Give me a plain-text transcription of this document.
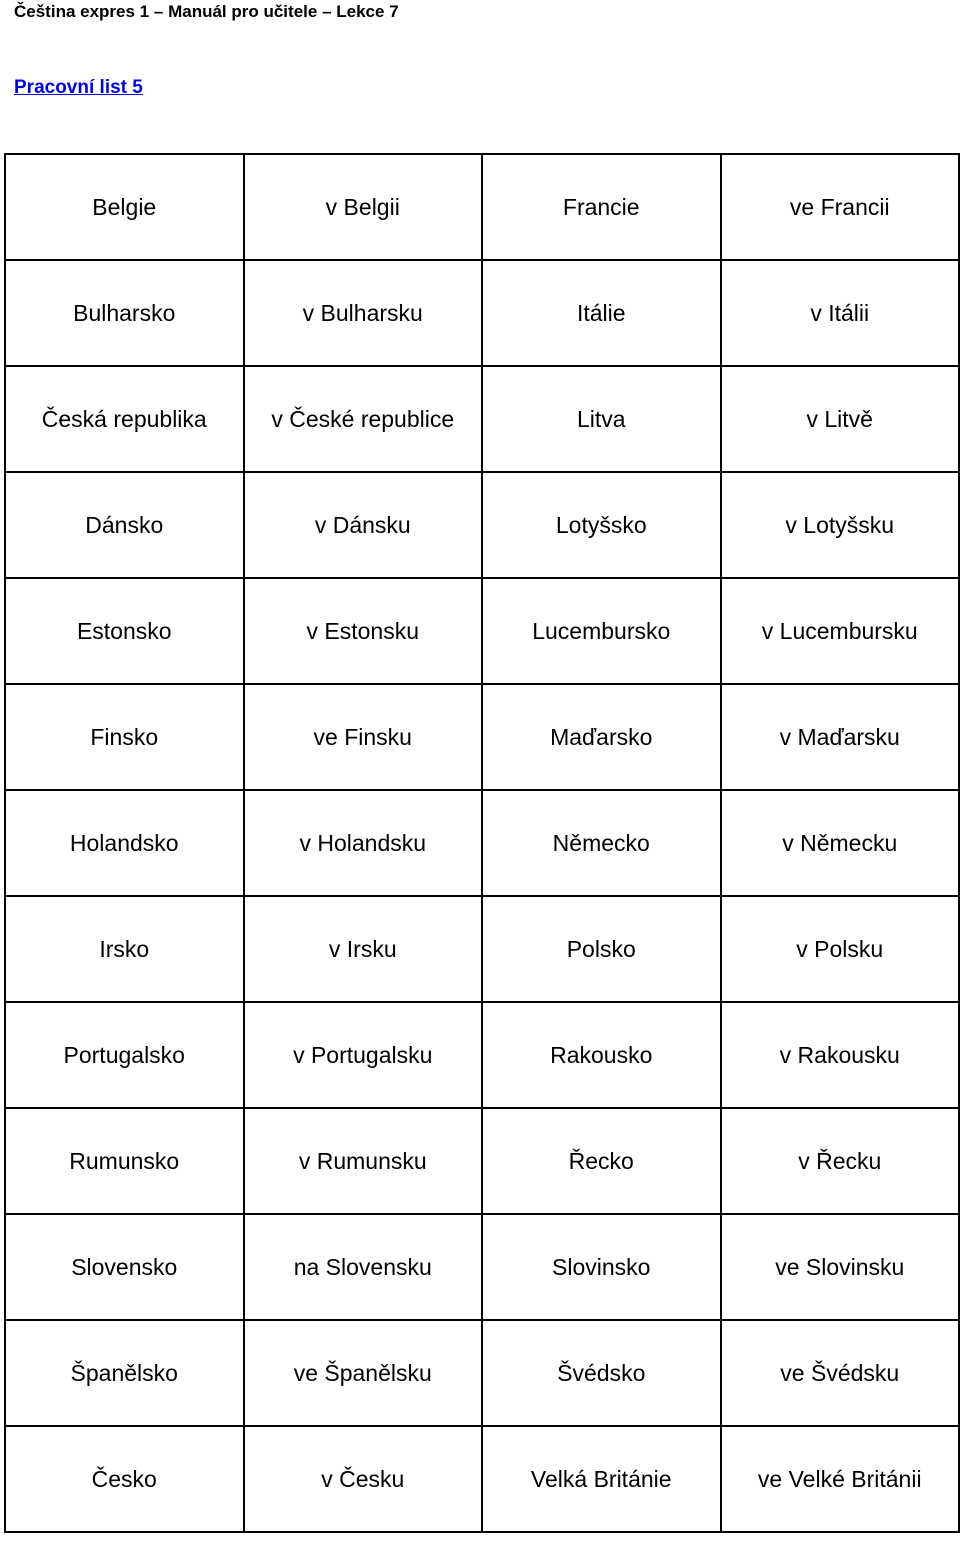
Čeština expres 1 – Manuál pro učitele – Lekce 7
Pracovní list 5
Belgie	v Belgii	Francie	ve Francii
Bulharsko	v Bulharsku	Itálie	v Itálii
Česká republika	v České republice	Litva	v Litvě
Dánsko	v Dánsku	Lotyšsko	v Lotyšsku
Estonsko	v Estonsku	Lucembursko	v Lucembursku
Finsko	ve Finsku	Maďarsko	v Maďarsku
Holandsko	v Holandsku	Německo	v Německu
Irsko	v Irsku	Polsko	v Polsku
Portugalsko	v Portugalsku	Rakousko	v Rakousku
Rumunsko	v Rumunsku	Řecko	v Řecku
Slovensko	na Slovensku	Slovinsko	ve Slovinsku
Španělsko	ve Španělsku	Švédsko	ve Švédsku
Česko	v Česku	Velká Británie	ve Velké Británii
